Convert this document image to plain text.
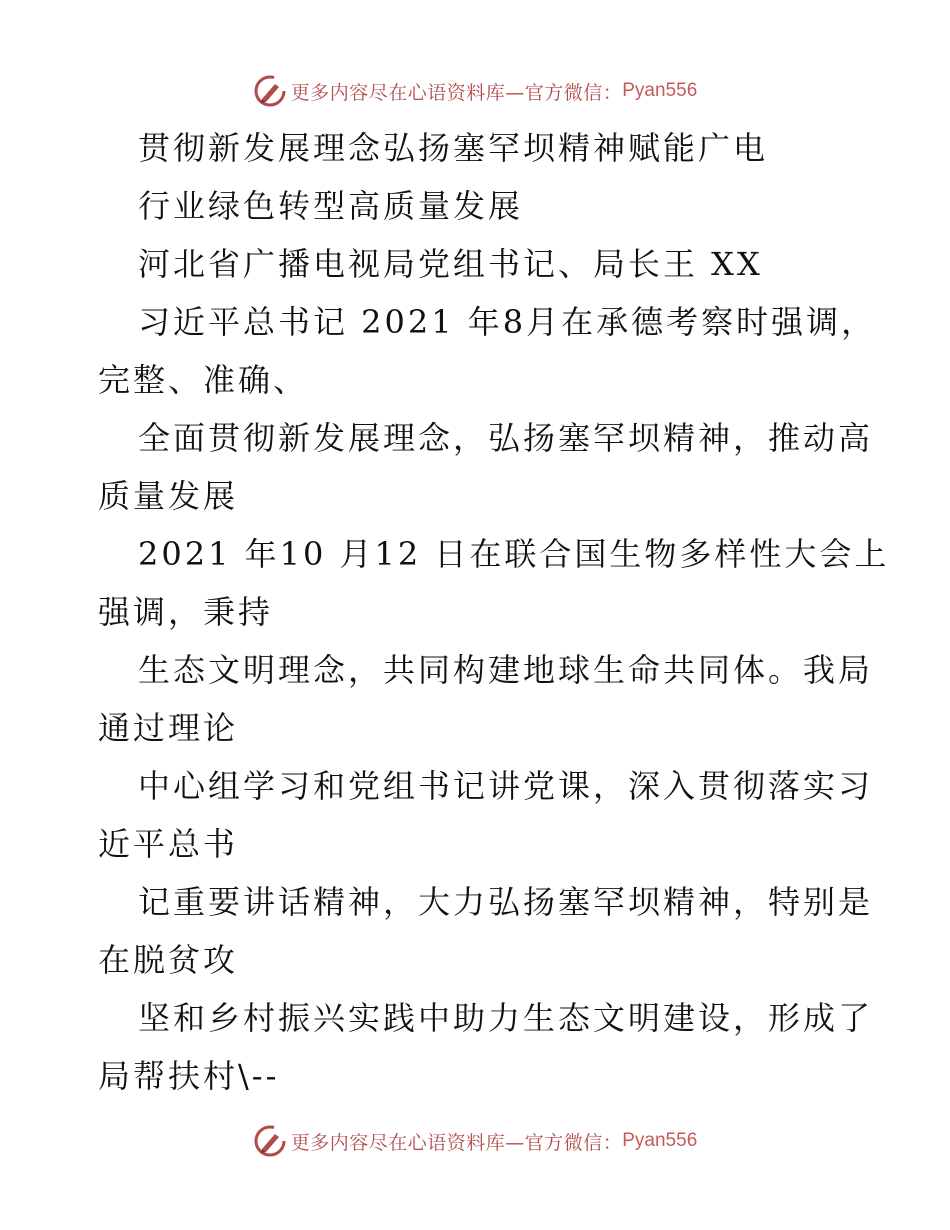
更多内容尽在心语资料库 —官方微信： Pyan556
贯彻新发展理念弘扬塞罕坝精神赋能广电
行业绿色转型高质量发展
河北省广播电视局党组书记、局长王 XX
习近平总书记 2021 年8月在承德考察时强调，
完整、准确、
全面贯彻新发展理念，弘扬塞罕坝精神，推动高
质量发展
2021 年10 月12 日在联合国生物多样性大会上
强调，秉持
生态文明理念，共同构建地球生命共同体。我局
通过理论
中心组学习和党组书记讲党课，深入贯彻落实习
近平总书
记重要讲话精神，大力弘扬塞罕坝精神，特别是
在脱贫攻
坚和乡村振兴实践中助力生态文明建设，形成了
局帮扶村\--
更多内容尽在心语资料库 —官方微信： Pyan556
